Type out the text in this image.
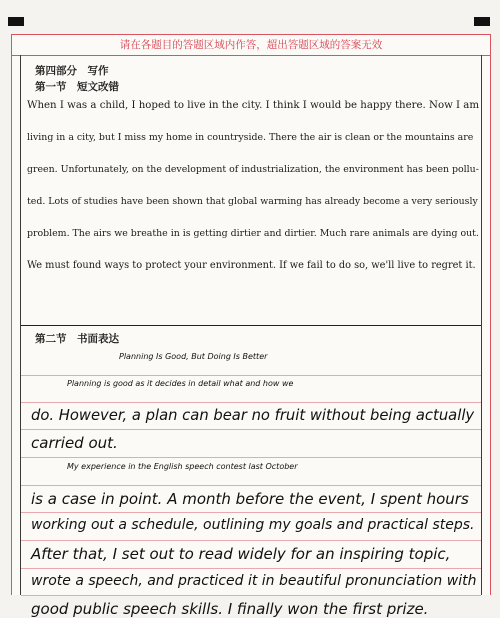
请在各题目的答题区域内作答，超出答题区域的答案无效
第四部分　写作
第一节　短文改错
When I was a child, I hoped to live in the city. I think I would be happy there. Now I am
living in a city, but I miss my home in countryside. There the air is clean or the mountains are
green. Unfortunately, on the development of industrialization, the environment has been pollu-
ted. Lots of studies have been shown that global warming has already become a very seriously
problem. The airs we breathe in is getting dirtier and dirtier. Much rare animals are dying out.
We must found ways to protect your environment. If we fail to do so, we'll live to regret it.
第二节　书面表达
Planning Is Good, But Doing Is Better
Planning is good as it decides in detail what and how we
do. However, a plan can bear no fruit without being actually
carried out.
My experience in the English speech contest last October
is a case in point. A month before the event, I spent hours
working out a schedule, outlining my goals and practical steps.
After that, I set out to read widely for an inspiring topic,
wrote a speech, and practiced it in beautiful pronunciation with
good public speech skills. I finally won the first prize.
